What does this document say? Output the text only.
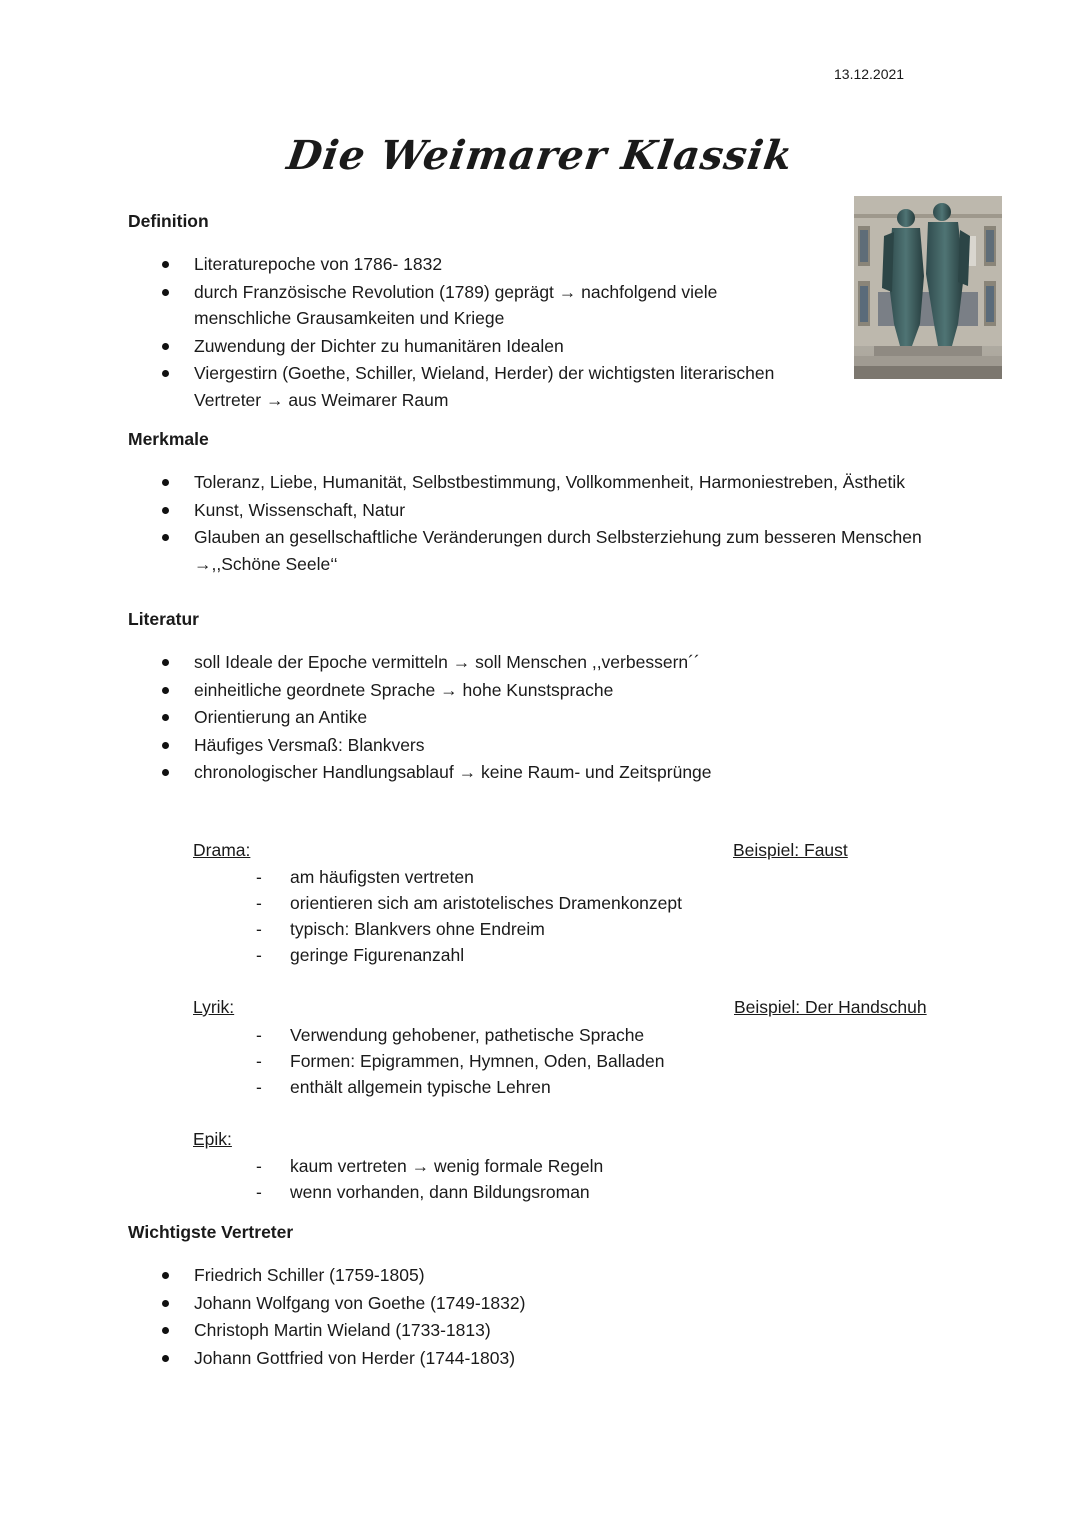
13.12.2021
Die Weimarer Klassik
Definition
Literaturepoche von 1786- 1832
durch Französische Revolution (1789) geprägt → nachfolgend viele menschliche Grausamkeiten und Kriege
Zuwendung der Dichter zu humanitären Idealen
Viergestirn (Goethe, Schiller, Wieland, Herder) der wichtigsten literarischen Vertreter → aus Weimarer Raum
Merkmale
Toleranz, Liebe, Humanität, Selbstbestimmung, Vollkommenheit, Harmoniestreben, Ästhetik
Kunst, Wissenschaft, Natur
Glauben an gesellschaftliche Veränderungen durch Selbsterziehung zum besseren Menschen →,,Schöne Seele‘‘
Literatur
soll Ideale der Epoche vermitteln → soll Menschen ,,verbessern´´
einheitliche geordnete Sprache → hohe Kunstsprache
Orientierung an Antike
Häufiges Versmaß: Blankvers
chronologischer Handlungsablauf → keine Raum- und Zeitsprünge
Drama:	Beispiel: Faust
- am häufigsten vertreten
- orientieren sich am aristotelisches Dramenkonzept
- typisch: Blankvers ohne Endreim
- geringe Figurenanzahl
Lyrik:	Beispiel: Der Handschuh
- Verwendung gehobener, pathetische Sprache
- Formen: Epigrammen, Hymnen, Oden, Balladen
- enthält allgemein typische Lehren
Epik:
- kaum vertreten → wenig formale Regeln
- wenn vorhanden, dann Bildungsroman
Wichtigste Vertreter
Friedrich Schiller (1759-1805)
Johann Wolfgang von Goethe (1749-1832)
Christoph Martin Wieland (1733-1813)
Johann Gottfried von Herder (1744-1803)
